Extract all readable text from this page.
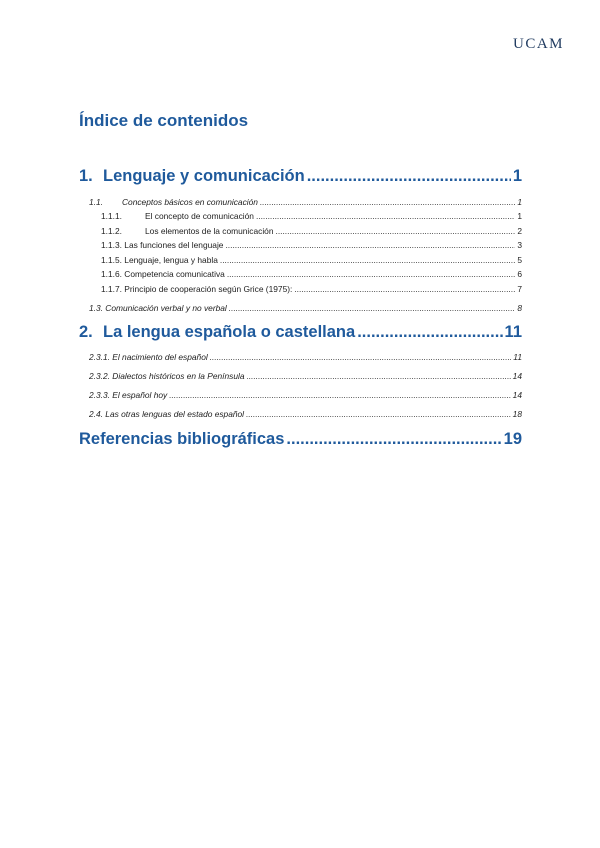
UCAM
Índice de contenidos
1. Lenguaje y comunicación .....	1
1.1.	Conceptos básicos en comunicación .....	1
1.1.1.	El concepto de comunicación .....	1
1.1.2.	Los elementos de la comunicación .....	2
1.1.3. Las funciones del lenguaje .....	3
1.1.5. Lenguaje, lengua y habla .....	5
1.1.6. Competencia comunicativa .....	6
1.1.7. Principio de cooperación según Grice (1975): .....	7
1.3. Comunicación verbal y no verbal .....	8
2. La lengua española o castellana .....	11
2.3.1. El nacimiento del español .....	11
2.3.2. Dialectos históricos en la Península .....	14
2.3.3. El español hoy .....	14
2.4. Las otras lenguas del estado español .....	18
Referencias bibliográficas .....	19
